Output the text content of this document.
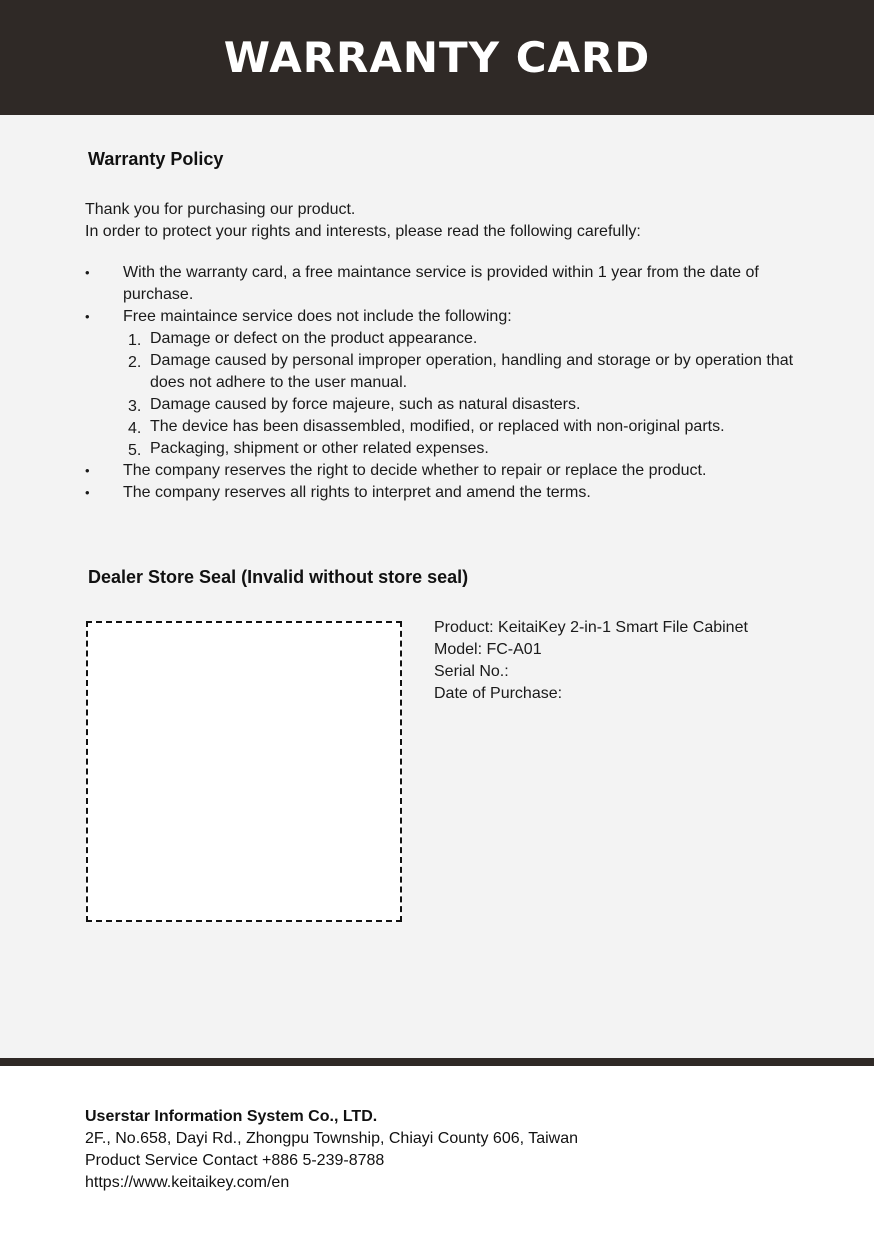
WARRANTY CARD
Warranty Policy
Thank you for purchasing our product.
In order to protect your rights and interests, please read the following carefully:
• With the warranty card, a free maintance service is provided within 1 year from the date of purchase.
• Free maintaince service does not include the following:
1. Damage or defect on the product appearance.
2. Damage caused by personal improper operation, handling and storage or by operation that does not adhere to the user manual.
3. Damage caused by force majeure, such as natural disasters.
4. The device has been disassembled, modified, or replaced with non-original parts.
5. Packaging, shipment or other related expenses.
• The company reserves the right to decide whether to repair or replace the product.
• The company reserves all rights to interpret and amend the terms.
Dealer Store Seal (Invalid without store seal)
Product: KeitaiKey 2-in-1 Smart File Cabinet
Model: FC-A01
Serial No.:
Date of Purchase:
Userstar Information System Co., LTD.
2F., No.658, Dayi Rd., Zhongpu Township, Chiayi County 606, Taiwan
Product Service Contact +886 5-239-8788
https://www.keitaikey.com/en
